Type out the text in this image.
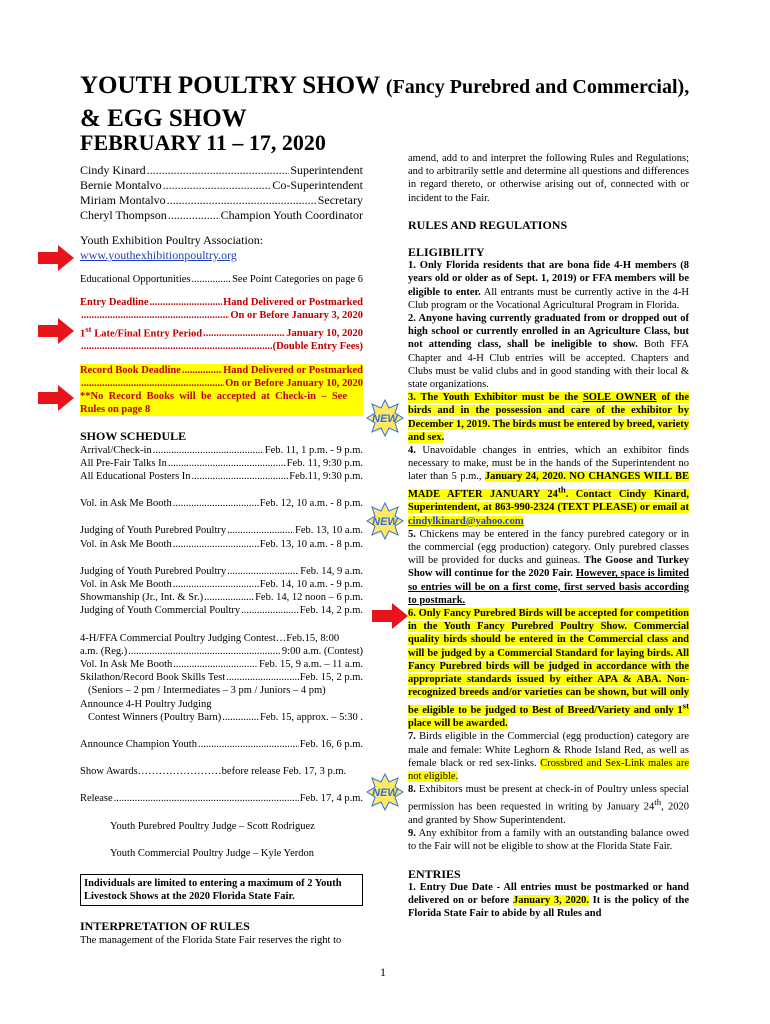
YOUTH POULTRY SHOW (Fancy Purebred and Commercial),
& EGG SHOW
FEBRUARY 11 – 17, 2020
Cindy Kinard .....	Superintendent
Bernie Montalvo .....	Co-Superintendent
Miriam Montalvo .....	Secretary
Cheryl Thompson .....	Champion Youth Coordinator
Youth Exhibition Poultry Association:
www.youthexhibitionpoultry.org
Educational Opportunities .....	See Point Categories on page 6
Entry Deadline .....	Hand Delivered or Postmarked
.....
On or Before January 3, 2020
1st Late/Final Entry Period .....	January 10, 2020
.....
(Double Entry Fees)
Record Book Deadline .....	Hand Delivered or Postmarked
.....
On or Before January 10, 2020
**No Record Books will be accepted at Check-in – See Rules on page 8
SHOW SCHEDULE
Arrival/Check-in .....	Feb. 11, 1 p.m. - 9 p.m.
All Pre-Fair Talks In .....	Feb. 11, 9:30 p.m.
All Educational Posters In .....	Feb.11, 9:30 p.m.
Vol. in Ask Me Booth .....	Feb. 12, 10 a.m. - 8 p.m.
Judging of Youth Purebred Poultry .....	Feb. 13, 10 a.m.
Vol. in Ask Me Booth .....	Feb. 13, 10 a.m. - 8 p.m.
Judging of Youth Purebred Poultry .....	Feb. 14, 9 a.m.
Vol. in Ask Me Booth .....	Feb. 14, 10 a.m. - 9 p.m.
Showmanship (Jr., Int. & Sr.) .....	Feb. 14, 12 noon – 6 p.m.
Judging of Youth Commercial Poultry .....	Feb. 14, 2 p.m.
4-H/FFA Commercial Poultry Judging Contest…Feb.15, 8:00
a.m. (Reg.) .....	9:00 a.m. (Contest)
Vol. In Ask Me Booth .....	Feb. 15, 9 a.m. – 11 a.m.
Skilathon/Record Book Skills Test .....	Feb. 15, 2 p.m.
(Seniors – 2 pm / Intermediates – 3 pm / Juniors – 4 pm)
Announce 4-H Poultry Judging
Contest Winners (Poultry Barn) .....	Feb. 15, approx. – 5:30 .
Announce Champion Youth .....	Feb. 16, 6 p.m.
Show Awards…………………… before release Feb. 17, 3 p.m.
Release .....	Feb. 17, 4 p.m.
Youth Purebred Poultry Judge – Scott Rodriguez
Youth Commercial Poultry Judge – Kyle Yerdon
Individuals are limited to entering a maximum of 2 Youth Livestock Shows at the 2020 Florida State Fair.
INTERPRETATION OF RULES
The management of the Florida State Fair reserves the right to
amend, add to and interpret the following Rules and Regulations; and to arbitrarily settle and determine all questions and differences in regard thereto, or otherwise arising out of, connected with or incident to the Fair.
RULES AND REGULATIONS
ELIGIBILITY
1. Only Florida residents that are bona fide 4-H members (8 years old or older as of Sept. 1, 2019) or FFA members will be eligible to enter. All entrants must be currently active in the 4-H Club program or the Vocational Agricultural Program in Florida.
2. Anyone having currently graduated from or dropped out of high school or currently enrolled in an Agriculture Class, but not attending class, shall be ineligible to show. Both FFA Chapter and 4-H Club entries will be accepted. Chapters and Clubs must be valid clubs and in good standing with their local & state organizations.
3. The Youth Exhibitor must be the SOLE OWNER of the birds and in the possession and care of the exhibitor by December 1, 2019. The birds must be entered by breed, variety and sex.
4. Unavoidable changes in entries, which an exhibitor finds necessary to make, must be in the hands of the Superintendent no later than 5 p.m., January 24, 2020. NO CHANGES WILL BE MADE AFTER JANUARY 24th. Contact Cindy Kinard, Superintendent, at 863-990-2324 (TEXT PLEASE) or email at cindylkinard@yahoo.com
5. Chickens may be entered in the fancy purebred category or in the commercial (egg production) category. Only purebred classes will be provided for ducks and guineas. The Goose and Turkey Show will continue for the 2020 Fair. However, space is limited so entries will be on a first come, first served basis according to postmark.
6. Only Fancy Purebred Birds will be accepted for competition in the Youth Fancy Purebred Poultry Show. Commercial quality birds should be entered in the Commercial class and will be judged by a Commercial Standard for laying birds. All Fancy Purebred birds will be judged in accordance with the appropriate standards issued by either APA & ABA. Non-recognized breeds and/or varieties can be shown, but will only be eligible to be judged to Best of Breed/Variety and only 1st place will be awarded.
7. Birds eligible in the Commercial (egg production) category are male and female: White Leghorn & Rhode Island Red, as well as female black or red sex-links. Crossbred and Sex-Link males are not eligible.
8. Exhibitors must be present at check-in of Poultry unless special permission has been requested in writing by January 24th, 2020 and granted by Show Superintendent.
9. Any exhibitor from a family with an outstanding balance owed to the Fair will not be eligible to show at the Florida State Fair.
ENTRIES
1. Entry Due Date - All entries must be postmarked or hand delivered on or before January 3, 2020. It is the policy of the Florida State Fair to abide by all Rules and
NEW
NEW
NEW
1
